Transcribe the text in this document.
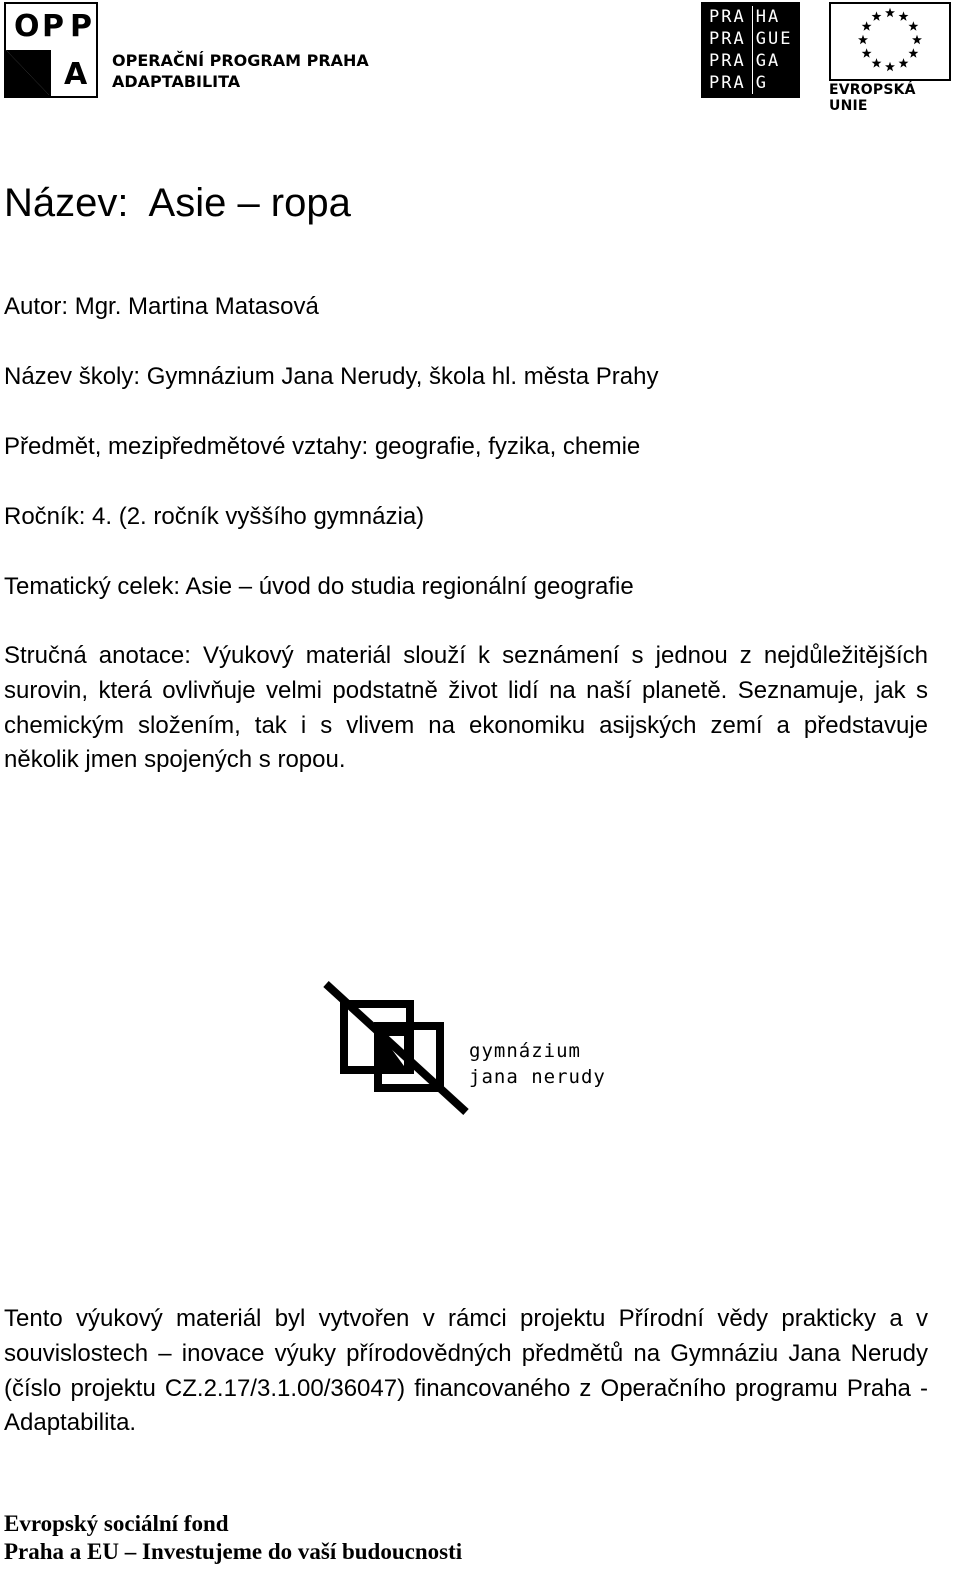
O P P
A OPERAČNÍ PROGRAM PRAHA
ADAPTABILITA
PRA HA
PRA GUE
PRA GA
PRA G	EVROPSKÁ UNIE
Název:  Asie – ropa
Autor: Mgr. Martina Matasová
Název školy: Gymnázium Jana Nerudy, škola hl. města Prahy
Předmět, mezipředmětové vztahy: geografie, fyzika, chemie
Ročník: 4. (2. ročník vyššího gymnázia)
Tematický celek: Asie – úvod do studia regionální geografie
Stručná anotace: Výukový materiál slouží k seznámení s jednou z nejdůležitějších surovin, která ovlivňuje velmi podstatně život lidí na naší planetě. Seznamuje, jak s chemickým složením, tak i s vlivem na ekonomiku asijských zemí a představuje několik jmen spojených s ropou.
gymnázium
jana nerudy
Tento výukový materiál byl vytvořen v rámci projektu Přírodní vědy prakticky a v souvislostech – inovace výuky přírodovědných předmětů na Gymnáziu Jana Nerudy (číslo projektu CZ.2.17/3.1.00/36047) financovaného z Operačního programu Praha - Adaptabilita.
Evropský sociální fond
Praha a EU – Investujeme do vaší budoucnosti
